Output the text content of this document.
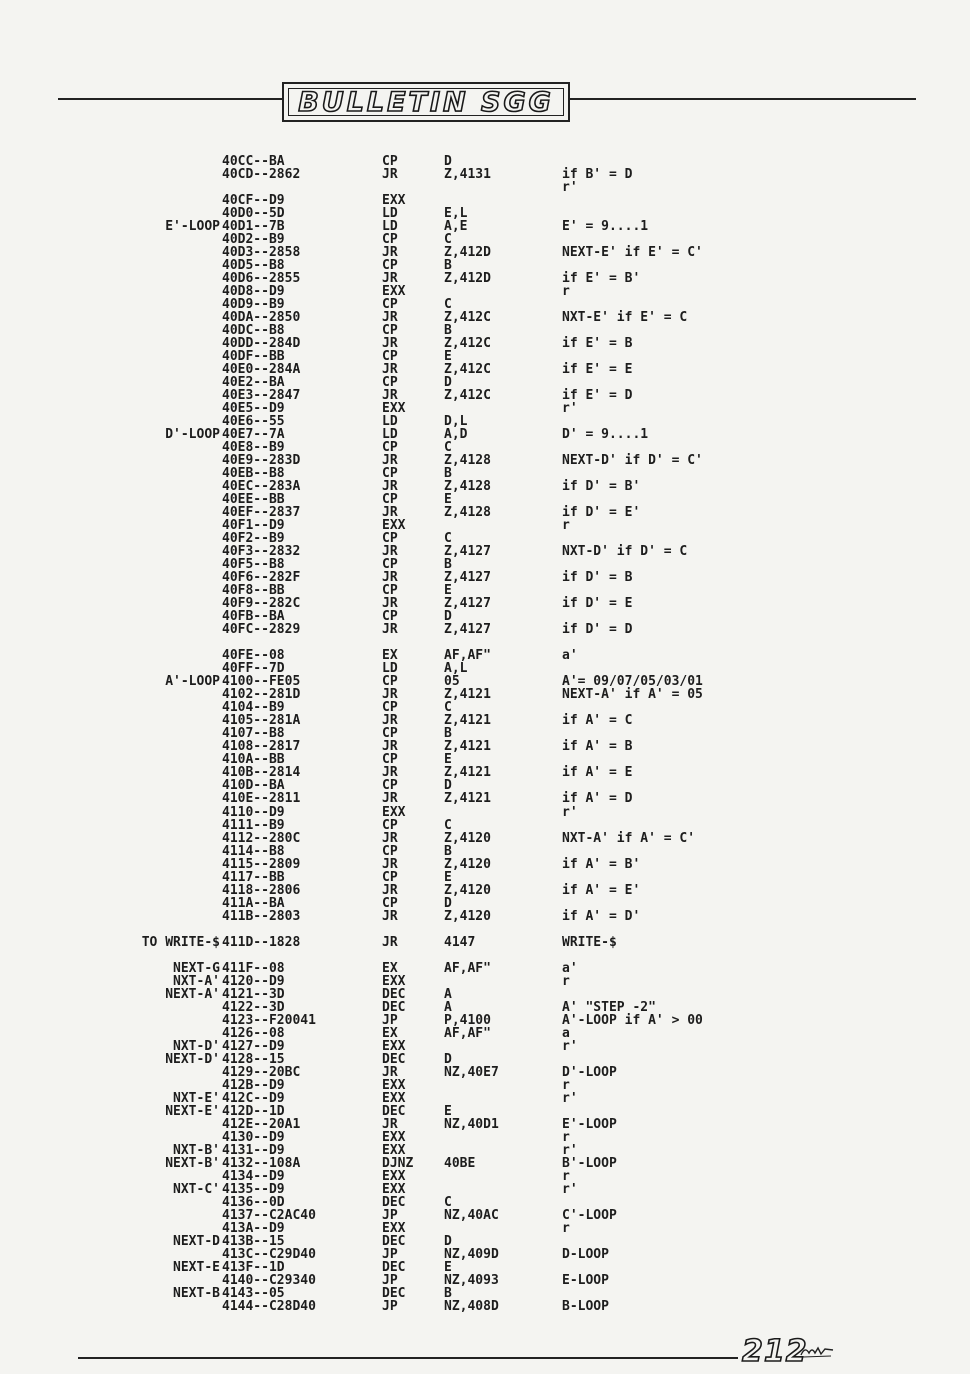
BULLETIN SGG
40CC--BA	CP	D
40CD--2862	JR	Z,4131	if B' = D
r'
40CF--D9	EXX
40D0--5D	LD	E,L
E'-LOOP 40D1--7B	LD	A,E	E' = 9....1
40D2--B9	CP	C
40D3--2858	JR	Z,412D	NEXT-E' if E' = C'
40D5--B8	CP	B
40D6--2855	JR	Z,412D	if E' = B'
40D8--D9	EXX	r
40D9--B9	CP	C
40DA--2850	JR	Z,412C	NXT-E' if E' = C
40DC--B8	CP	B
40DD--284D	JR	Z,412C	if E' = B
40DF--BB	CP	E
40E0--284A	JR	Z,412C	if E' = E
40E2--BA	CP	D
40E3--2847	JR	Z,412C	if E' = D
40E5--D9	EXX	r'
40E6--55	LD	D,L
D'-LOOP 40E7--7A	LD	A,D	D' = 9....1
40E8--B9	CP	C
40E9--283D	JR	Z,4128	NEXT-D' if D' = C'
40EB--B8	CP	B
40EC--283A	JR	Z,4128	if D' = B'
40EE--BB	CP	E
40EF--2837	JR	Z,4128	if D' = E'
40F1--D9	EXX	r
40F2--B9	CP	C
40F3--2832	JR	Z,4127	NXT-D' if D' = C
40F5--B8	CP	B
40F6--282F	JR	Z,4127	if D' = B
40F8--BB	CP	E
40F9--282C	JR	Z,4127	if D' = E
40FB--BA	CP	D
40FC--2829	JR	Z,4127	if D' = D
40FE--08	EX	AF,AF"	a'
40FF--7D	LD	A,L
A'-LOOP 4100--FE05	CP	05	A'= 09/07/05/03/01
4102--281D	JR	Z,4121	NEXT-A' if A' = 05
4104--B9	CP	C
4105--281A	JR	Z,4121	if A' = C
4107--B8	CP	B
4108--2817	JR	Z,4121	if A' = B
410A--BB	CP	E
410B--2814	JR	Z,4121	if A' = E
410D--BA	CP	D
410E--2811	JR	Z,4121	if A' = D
4110--D9	EXX	r'
4111--B9	CP	C
4112--280C	JR	Z,4120	NXT-A' if A' = C'
4114--B8	CP	B
4115--2809	JR	Z,4120	if A' = B'
4117--BB	CP	E
4118--2806	JR	Z,4120	if A' = E'
411A--BA	CP	D
411B--2803	JR	Z,4120	if A' = D'
TO WRITE-$ 411D--1828	JR	4147	WRITE-$
NEXT-G 411F--08	EX	AF,AF"	a'
NXT-A' 4120--D9	EXX	r
NEXT-A' 4121--3D	DEC	A
4122--3D	DEC	A	A' "STEP -2"
4123--F20041	JP	P,4100	A'-LOOP if A' > 00
4126--08	EX	AF,AF"	a
NXT-D' 4127--D9	EXX	r'
NEXT-D' 4128--15	DEC	D
4129--20BC	JR	NZ,40E7	D'-LOOP
412B--D9	EXX	r
NXT-E' 412C--D9	EXX	r'
NEXT-E' 412D--1D	DEC	E
412E--20A1	JR	NZ,40D1	E'-LOOP
4130--D9	EXX	r
NXT-B' 4131--D9	EXX	r'
NEXT-B' 4132--108A	DJNZ 40BE	B'-LOOP
4134--D9	EXX	r
NXT-C' 4135--D9	EXX	r'
4136--0D	DEC	C
4137--C2AC40	JP	NZ,40AC	C'-LOOP
413A--D9	EXX	r
NEXT-D 413B--15	DEC	D
413C--C29D40	JP	NZ,409D	D-LOOP
NEXT-E 413F--1D	DEC	E
4140--C29340	JP	NZ,4093	E-LOOP
NEXT-B 4143--05	DEC	B
4144--C28D40	JP	NZ,408D	B-LOOP
212
